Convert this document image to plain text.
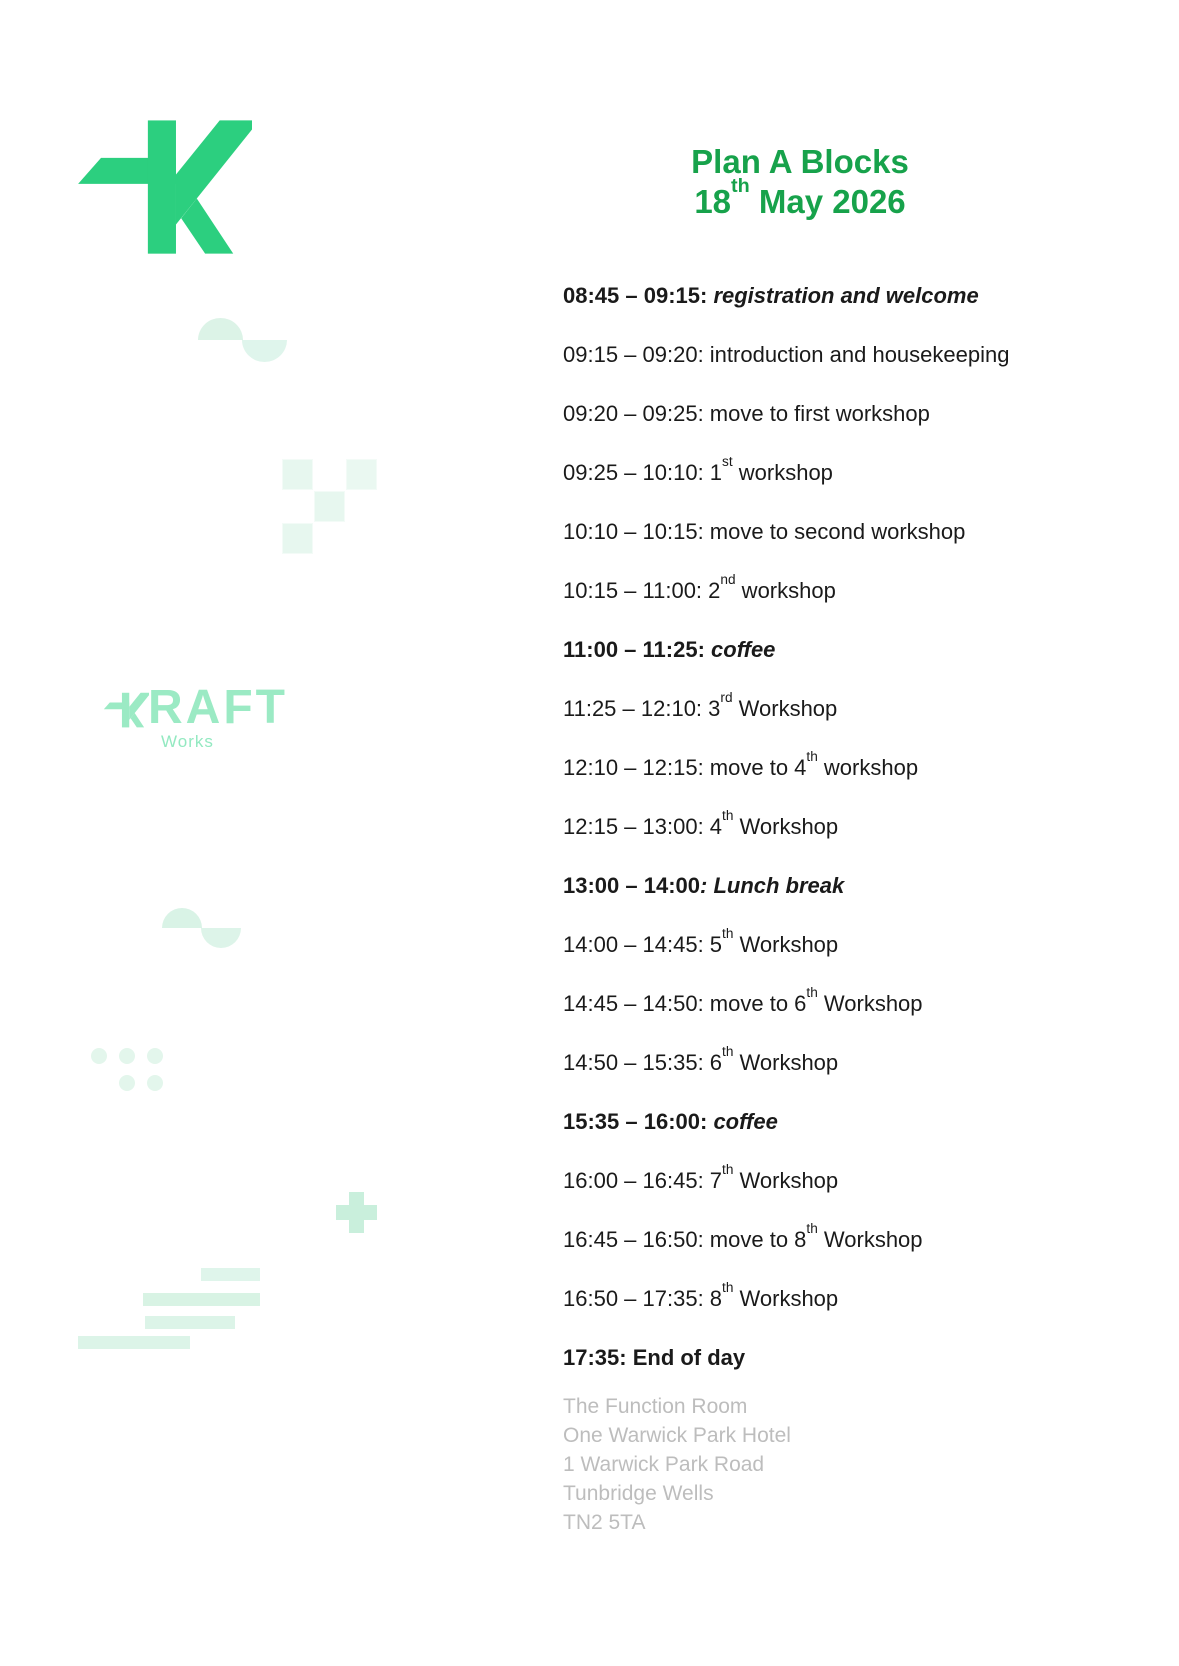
Plan A Blocks
18th May 2026
08:45 – 09:15: registration and welcome
09:15 – 09:20: introduction and housekeeping
09:20 – 09:25: move to first workshop
09:25 – 10:10: 1st workshop
10:10 – 10:15: move to second workshop
10:15 – 11:00: 2nd workshop
11:00 – 11:25: coffee
11:25 – 12:10: 3rd Workshop
12:10 – 12:15: move to 4th workshop
12:15 – 13:00: 4th Workshop
13:00 – 14:00: Lunch break
14:00 – 14:45: 5th Workshop
14:45 – 14:50: move to 6th Workshop
14:50 – 15:35: 6th Workshop
15:35 – 16:00: coffee
16:00 – 16:45: 7th Workshop
16:45 – 16:50: move to 8th Workshop
16:50 – 17:35: 8th Workshop
17:35: End of day
The Function Room
One Warwick Park Hotel
1 Warwick Park Road
Tunbridge Wells
TN2 5TA
RAFT
Works
